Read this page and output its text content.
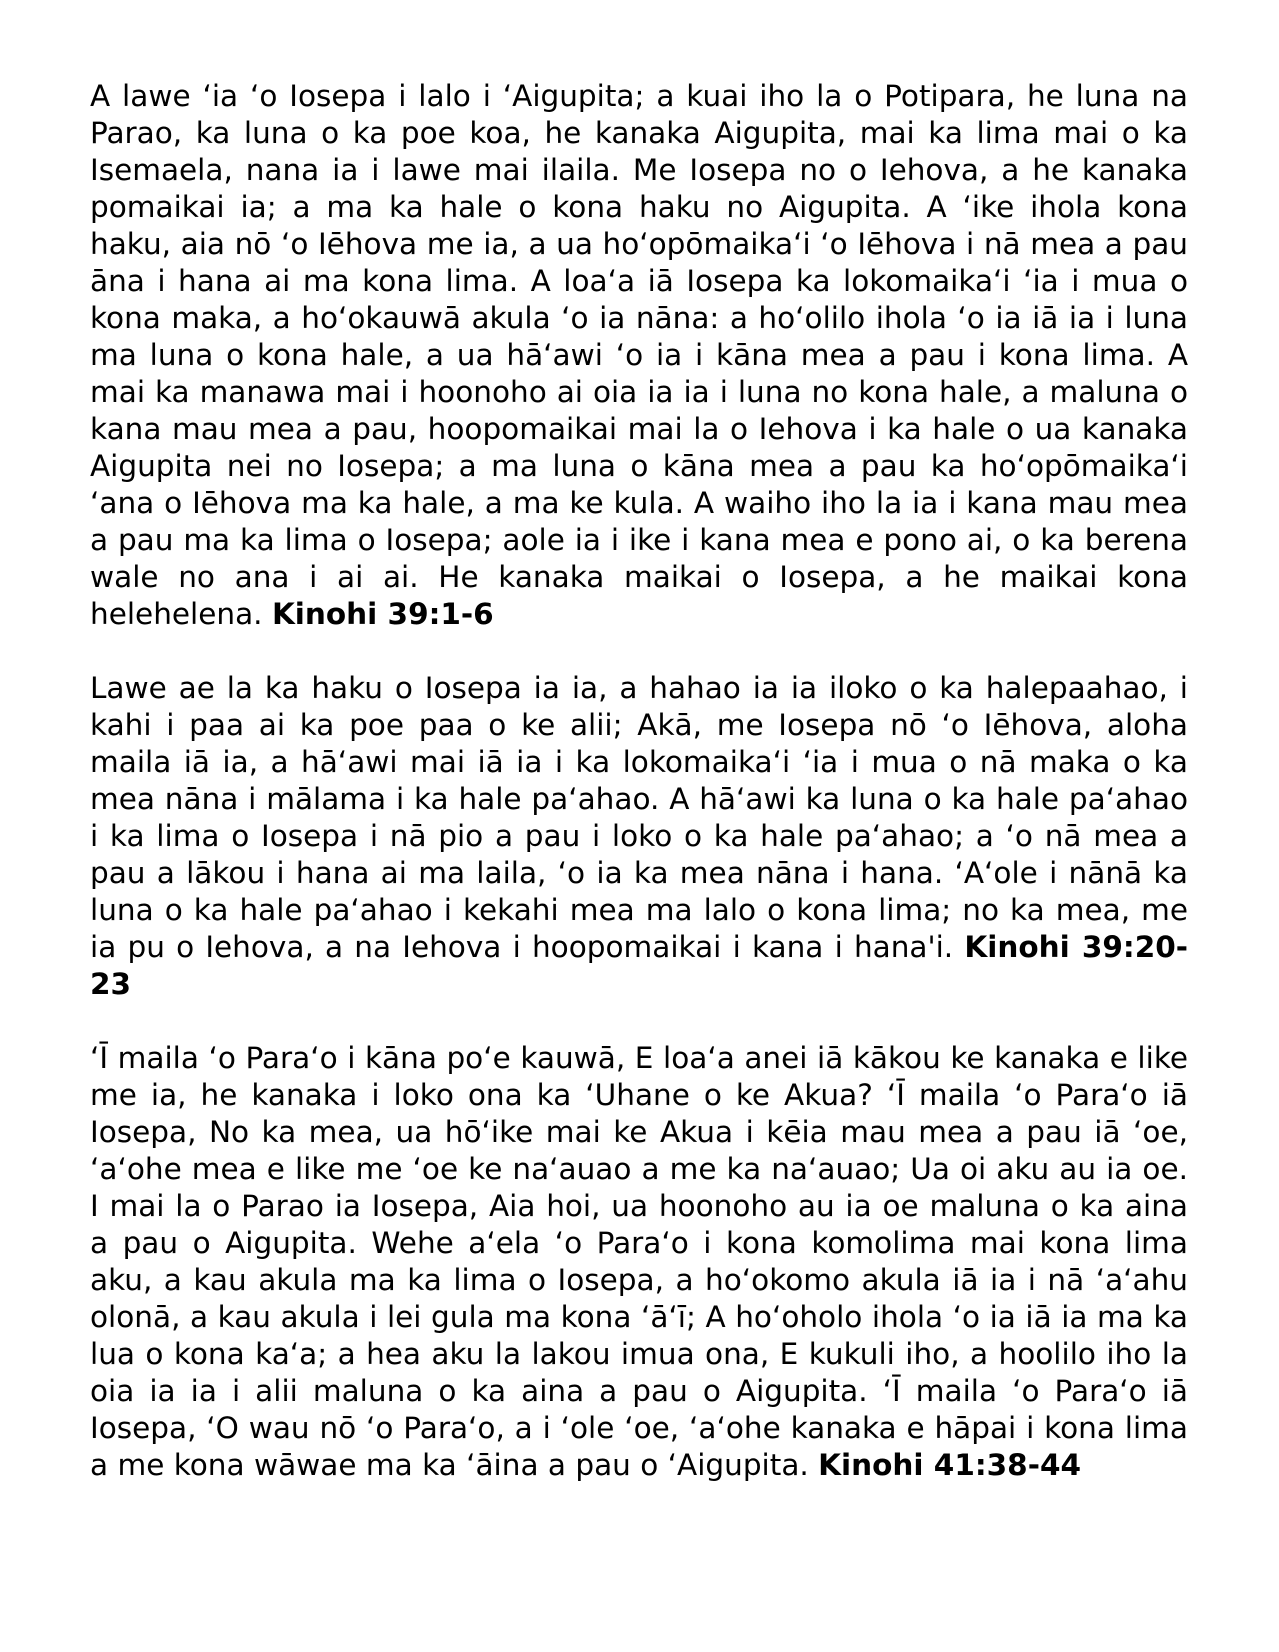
A lawe ‘ia ‘o Iosepa i lalo i ‘Aigupita; a kuai iho la o Potipara, he luna na Parao, ka luna o ka poe koa, he kanaka Aigupita, mai ka lima mai o ka Isemaela, nana ia i lawe mai ilaila. Me Iosepa no o Iehova, a he kanaka pomaikai ia; a ma ka hale o kona haku no Aigupita. A ‘ike ihola kona haku, aia nō ‘o Iēhova me ia, a ua hoʻopōmaikaʻi ‘o Iēhova i nā mea a pau āna i hana ai ma kona lima. A loaʻa iā Iosepa ka lokomaikaʻi ‘ia i mua o kona maka, a hoʻokauwā akula ‘o ia nāna: a hoʻolilo ihola ‘o ia iā ia i luna ma luna o kona hale, a ua hāʻawi ‘o ia i kāna mea a pau i kona lima. A mai ka manawa mai i hoonoho ai oia ia ia i luna no kona hale, a maluna o kana mau mea a pau, hoopomaikai mai la o Iehova i ka hale o ua kanaka Aigupita nei no Iosepa; a ma luna o kāna mea a pau ka hoʻopōmaikaʻi ‘ana o Iēhova ma ka hale, a ma ke kula. A waiho iho la ia i kana mau mea a pau ma ka lima o Iosepa; aole ia i ike i kana mea e pono ai, o ka berena wale no ana i ai ai. He kanaka maikai o Iosepa, a he maikai kona helehelena. Kinohi 39:1-6

Lawe ae la ka haku o Iosepa ia ia, a hahao ia ia iloko o ka halepaahao, i kahi i paa ai ka poe paa o ke alii; Akā, me Iosepa nō ‘o Iēhova, aloha maila iā ia, a hāʻawi mai iā ia i ka lokomaikaʻi ‘ia i mua o nā maka o ka mea nāna i mālama i ka hale paʻahao. A hāʻawi ka luna o ka hale paʻahao i ka lima o Iosepa i nā pio a pau i loko o ka hale paʻahao; a ‘o nā mea a pau a lākou i hana ai ma laila, ‘o ia ka mea nāna i hana. ‘Aʻole i nānā ka luna o ka hale paʻahao i kekahi mea ma lalo o kona lima; no ka mea, me ia pu o Iehova, a na Iehova i hoopomaikai i kana i hana'i. Kinohi 39:20-23

‘Ī maila ‘o Paraʻo i kāna poʻe kauwā, E loaʻa anei iā kākou ke kanaka e like me ia, he kanaka i loko ona ka ‘Uhane o ke Akua? ‘Ī maila ‘o Paraʻo iā Iosepa, No ka mea, ua hōʻike mai ke Akua i kēia mau mea a pau iā ‘oe, ‘aʻohe mea e like me ‘oe ke naʻauao a me ka naʻauao; Ua oi aku au ia oe. I mai la o Parao ia Iosepa, Aia hoi, ua hoonoho au ia oe maluna o ka aina a pau o Aigupita. Wehe aʻela ‘o Paraʻo i kona komolima mai kona lima aku, a kau akula ma ka lima o Iosepa, a hoʻokomo akula iā ia i nā ‘aʻahu olonā, a kau akula i lei gula ma kona ‘āʻī; A hoʻoholo ihola ‘o ia iā ia ma ka lua o kona kaʻa; a hea aku la lakou imua ona, E kukuli iho, a hoolilo iho la oia ia ia i alii maluna o ka aina a pau o Aigupita. ‘Ī maila ‘o Paraʻo iā Iosepa, ‘O wau nō ‘o Paraʻo, a i ‘ole ‘oe, ‘aʻohe kanaka e hāpai i kona lima a me kona wāwae ma ka ‘āina a pau o ‘Aigupita. Kinohi 41:38-44
